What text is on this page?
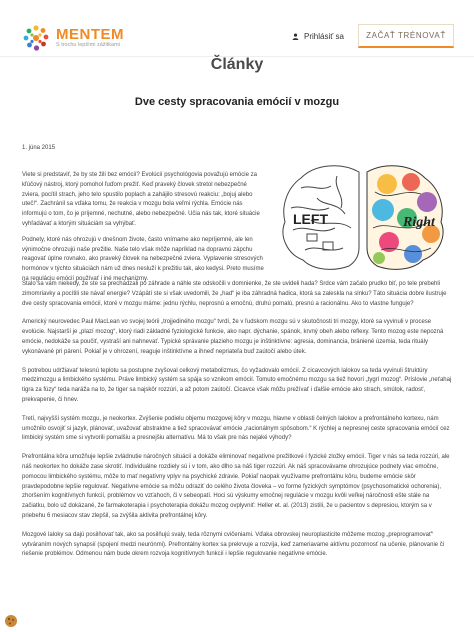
MENTEM
S trochu lepšími zážitkami
Prihlásiť sa	ZAČAŤ TRÉNOVAŤ
Články
Dve cesty spracovania emócií v mozgu
1. júna 2015

Viete si predstaviť, že by ste žili bez emócií? Evolúcií psychológovia považujú emócie za kľúčový nástroj, ktorý pomohol ľuďom prežiť. Keď praveký človek stretol nebezpečné zviera, pocítil strach, jeho telo spustilo poplach a zahájilo stresovú reakciu: „bojuj alebo uteč!“. Zachránil sa vďaka tomu, že reakcia v mozgu bola veľmi rýchla. Emócie nás informujú o tom, čo je príjemné, nechutné, alebo nebezpečné. Učia nás tak, ktoré situácie vyhľadávať a ktorým situáciám sa vyhýbať.

Podnety, ktoré nás ohrozujú v dnešnom živote, často vnímame ako nepríjemné, ale len výnimočne ohrozujú naše prežitie. Naše telo však môže napríklad na dopravnú zápchu reagovať úplne rovnako, ako praveký človek na nebezpečné zviera. Vyplavenie stresových hormónov v týchto situáciách nám už dnes nesluží k prežitiu tak, ako kedysi. Preto musíme na reguláciu emócií používať i iné mechanizmy.

LEFT	Right

Stalo sa vám niekedy, že ste sa prechádzali po záhrade a náhle ste odskočili v domnienke, že ste uvideli hada? Srdce vám začalo prudko biť, po tele prebehli zimomriavky a pocítili ste návaľ energie? Vzápätí ste si však uvedomili, že „had“ je iba záhradná hadica, ktorá sa zaleskla na slnku? Táto situácia dobre ilustruje dve cesty spracovania emócií, ktoré v mozgu máme: jednu rýchlu, neprosnú a emočnú, druhú pomalú, presnú a racionálnu. Ako to vlastne funguje?

Americký neurovedec Paul MacLean vo svojej teórii „trojjediného mozgu“ tvrdí, že v ľudskom mozgu sú v skutočnosti tri mozgy, ktoré sa vyvinuli v procese evolúcie. Najstarší je „plazí mozog“, ktorý riadi základné fyziologické funkcie, ako napr. dýchanie, spánok, krvný obeh alebo reflexy. Tento mozog este nepozná emócie, nedokáže sa poučiť, vystraší ani nahnevať. Typické správanie plazieho mozgu je inštinktívne: agresia, dominancia, brániené územia, teda rituály vykonávané pri párení. Pokiaľ je v ohrození, reaguje inštinktívne a ihneď nepriateľa buď zaútočí alebo útek.

S potrebou udržiavať telesnú teplotu sa postupne zvyšoval celkový metabolizmus, čo vyžadovalo emócií. Z cicavcových lalokov sa teda vyvinuli štruktúry medzimozgu a limbického systému. Práve limbický systém sa spája so vznikom emócií. Tomuto emočnému mozgu sa tiež hovorí „tygrí mozog“. Príslovie „neťahaj tigra za fúzy“ teda naráža na to, že tiger sa najskôr rozzúri, a až potom zaútočí. Cicavce však môžu prežívať i ďalšie emócie ako strach, smútok, radosť, prekvapenie, či hnev.

Tretí, najvyšší systém mozgu, je neokortex. Zvýšenie podielu objemu mozgovej kôry v mozgu, hlavne v oblasti čelných lalokov a prefrontálneho kortexu, nám umožnilo osvojiť si jazyk, plánovať, uvažovať abstraktne a tiež spracovávať emócie „racionálnym spôsobom.“ K rýchlej a nepresnej ceste spracovania emócií cez limbický systém sme si vytvorili pomalšiu a presnejšiu alternatívu. Má to však pre nás nejaké výhody?

Prefrontálna kôra umožňuje lepšie zvládnutie náročných situácií a dokáže eliminovať negatívne prežitkové i fyzické zložky emócií. Tiger v nás sa teda rozzúri, ale náš neokortex ho dokáže zase skrotiť. Individuálne rozdiely sú i v tom, ako dlho sa náš tiger rozzúri. Ak náš spracovávame ohrozujúce podnety viac emočne, pomocou limbického systému, môže to mať negatívny vplyv na psychické zdravie. Pokiaľ naopak využívame prefrontálnu kôru, budeme emócie skôr pravdepodobne lepšie regulovať. Negatívne emócie sa môžu odraziť do celého života človeka – vo forme fyzických symptómov (psychosomatické ochorenia), zhoršením kognitívnych funkcií, problémov vo vzťahoch, či v sebeopatí. Hoci sú výskumy emočnej regulácie v mozgu kvôli veľkej náročnosti ešte stále na začiatku, bolo už dokázané, že farmakoterapia i psychoterapia dokážu mozog ovplyvniť: Heller et. al. (2013) zistili, že u pacientov s depresiou, ktorým sa v priebehu 6 mesiacov stav zlepšil, sa zvýšila aktivita prefrontálnej kôry.

Mozgové laloky sa dajú posilňovať tak, ako sa posilňujú svaly, teda rôznymi cvičeniami. Vďaka obrovskej neuroplasticite môžeme mozog „preprogramovať“ vytváraním nových synapsií (spojení medzi neurónmi). Prefrontálny kortex sa prekrvuje a rozvíja, keď zameriavame aktívnu pozornosť na učenie, plánovanie či riešenie problémov. Odmenou nám bude okrem rozvoja kognitívnych funkcií i lepšie regulovanie negatívne emócie.
